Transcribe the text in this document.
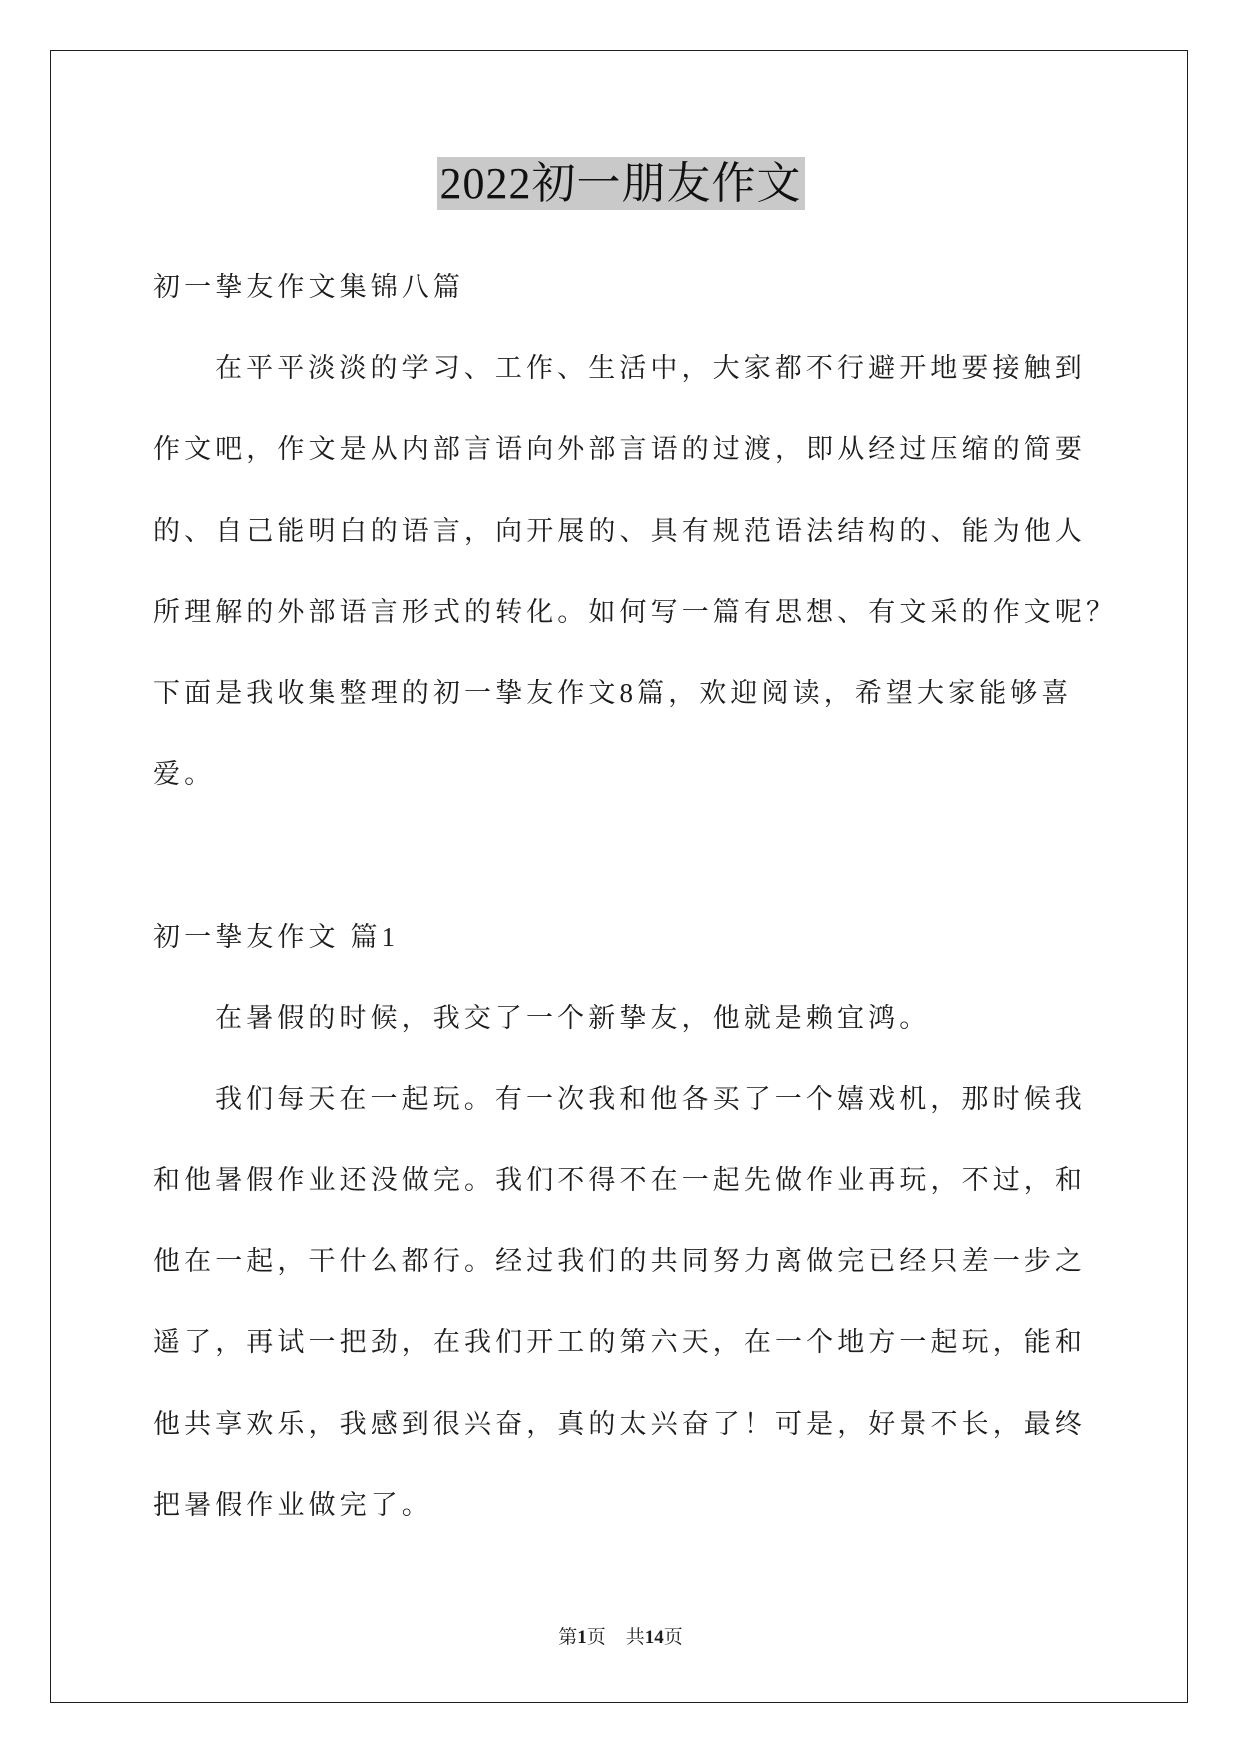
2022初一朋友作文
初一挚友作文集锦八篇
在平平淡淡的学习、工作、生活中，大家都不行避开地要接触到
作文吧，作文是从内部言语向外部言语的过渡，即从经过压缩的简要
的、自己能明白的语言，向开展的、具有规范语法结构的、能为他人
所理解的外部语言形式的转化。如何写一篇有思想、有文采的作文呢？
下面是我收集整理的初一挚友作文8篇，欢迎阅读，希望大家能够喜
爱。
初一挚友作文 篇1
在暑假的时候，我交了一个新挚友，他就是赖宜鸿。
我们每天在一起玩。有一次我和他各买了一个嬉戏机，那时候我
和他暑假作业还没做完。我们不得不在一起先做作业再玩，不过，和
他在一起，干什么都行。经过我们的共同努力离做完已经只差一步之
遥了，再试一把劲，在我们开工的第六天，在一个地方一起玩，能和
他共享欢乐，我感到很兴奋，真的太兴奋了！可是，好景不长，最终
把暑假作业做完了。
第1页 共14页
